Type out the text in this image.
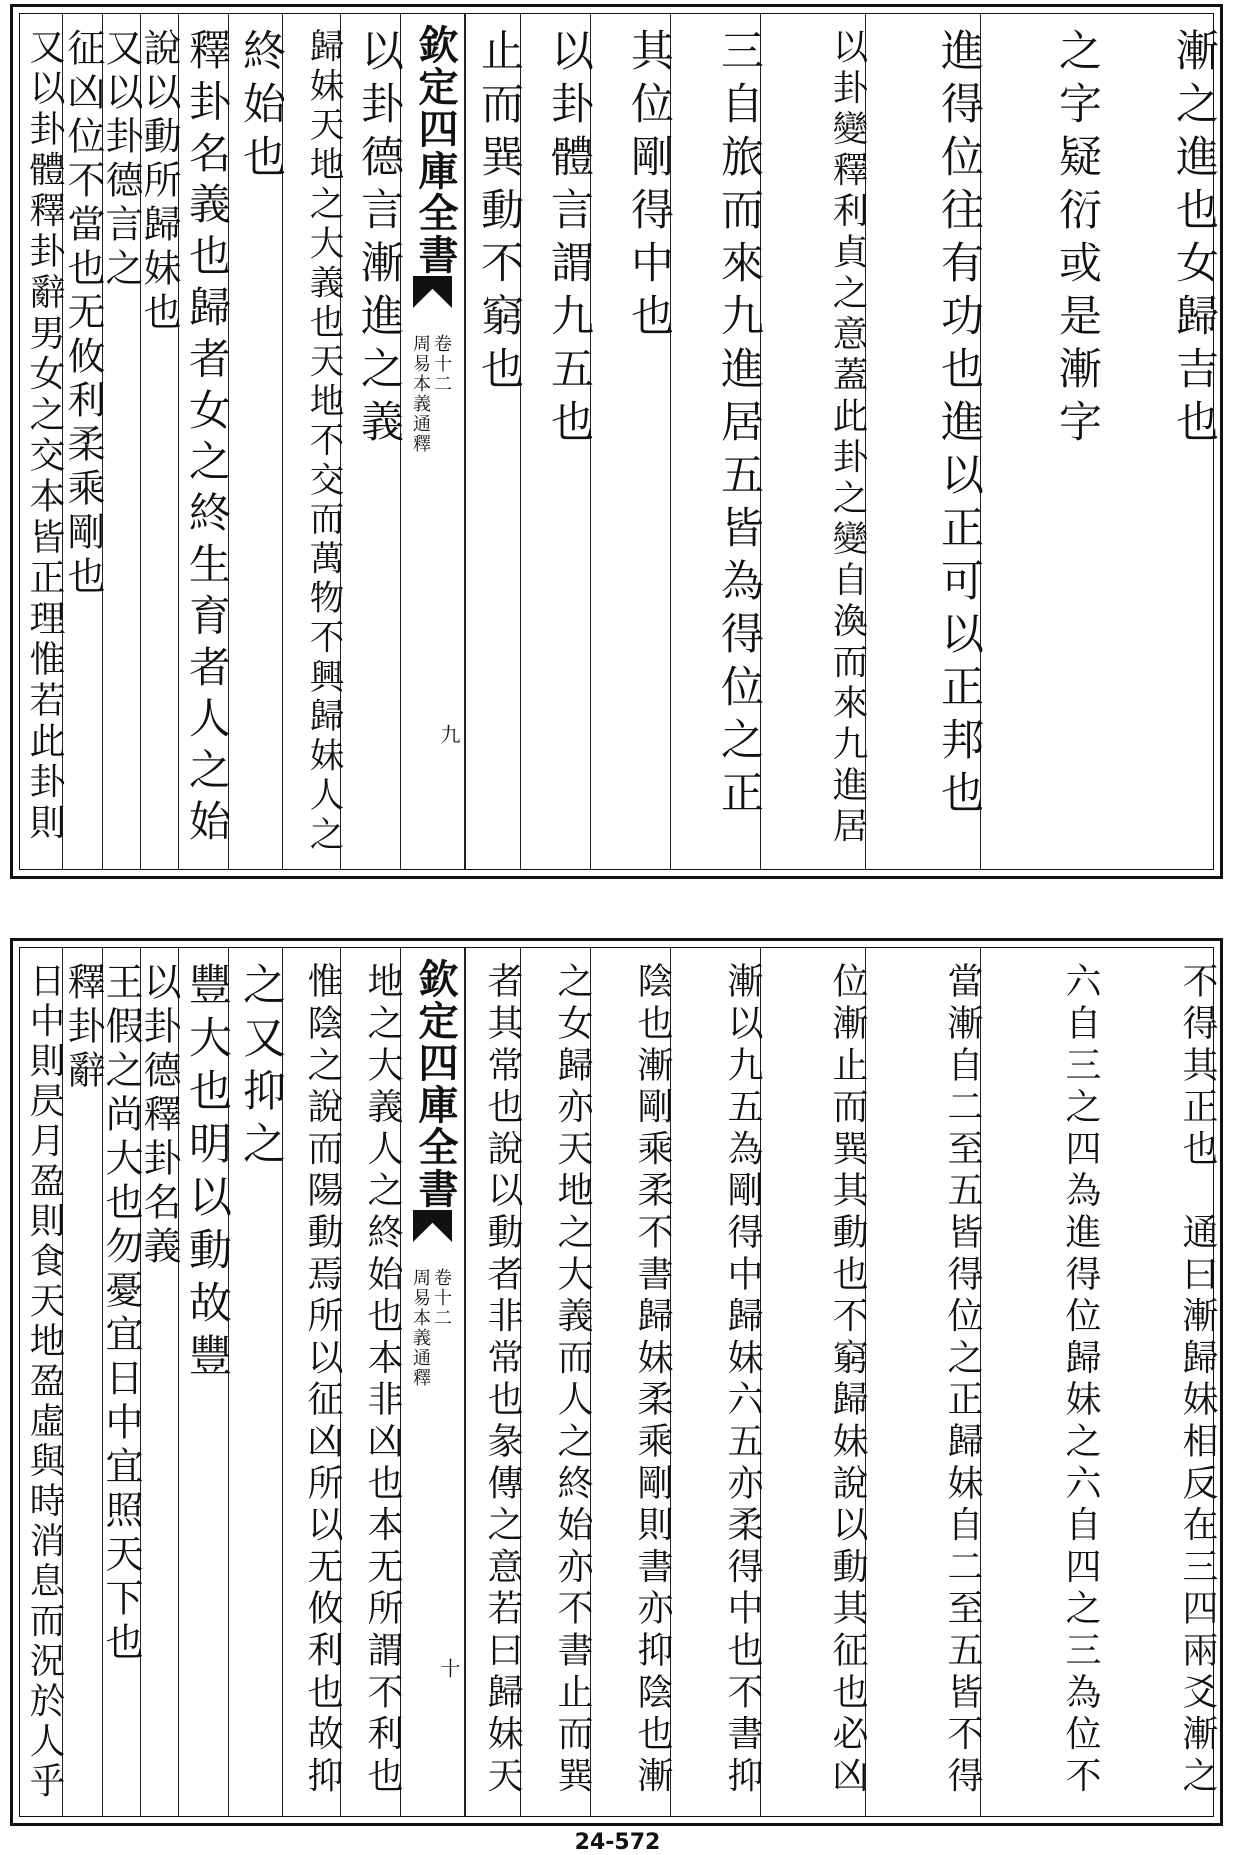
漸之進也女歸吉也
之字疑衍或是漸字
進得位往有功也進以正可以正邦也
以卦變釋利貞之意蓋此卦之變自渙而來九進居
三自旅而來九進居五皆為得位之正
其位剛得中也
以卦體言謂九五也
止而巽動不窮也
欽定四庫全書
周易本義通釋 卷十二
九
以卦德言漸進之義
歸妹天地之大義也天地不交而萬物不興歸妹人之
終始也
釋卦名義也歸者女之終生育者人之始
說以動所歸妹也
又以卦德言之
征凶位不當也无攸利柔乘剛也
又以卦體釋卦辭男女之交本皆正理惟若此卦則
不得其正也　通曰漸歸妹相反在三四兩爻漸之
六自三之四為進得位歸妹之六自四之三為位不
當漸自二至五皆得位之正歸妹自二至五皆不得
位漸止而巽其動也不窮歸妹說以動其征也必凶
漸以九五為剛得中歸妹六五亦柔得中也不書抑
陰也漸剛乘柔不書歸妹柔乘剛則書亦抑陰也漸
之女歸亦天地之大義而人之終始亦不書止而巽
者其常也說以動者非常也彖傳之意若曰歸妹天
欽定四庫全書
周易本義通釋 卷十二
十
地之大義人之終始也本非凶也本无所謂不利也
惟陰之說而陽動焉所以征凶所以无攸利也故抑
之又抑之
豐大也明以動故豐
以卦德釋卦名義
王假之尚大也勿憂宜日中宜照天下也
釋卦辭
日中則昃月盈則食天地盈虛與時消息而況於人乎
24-572
